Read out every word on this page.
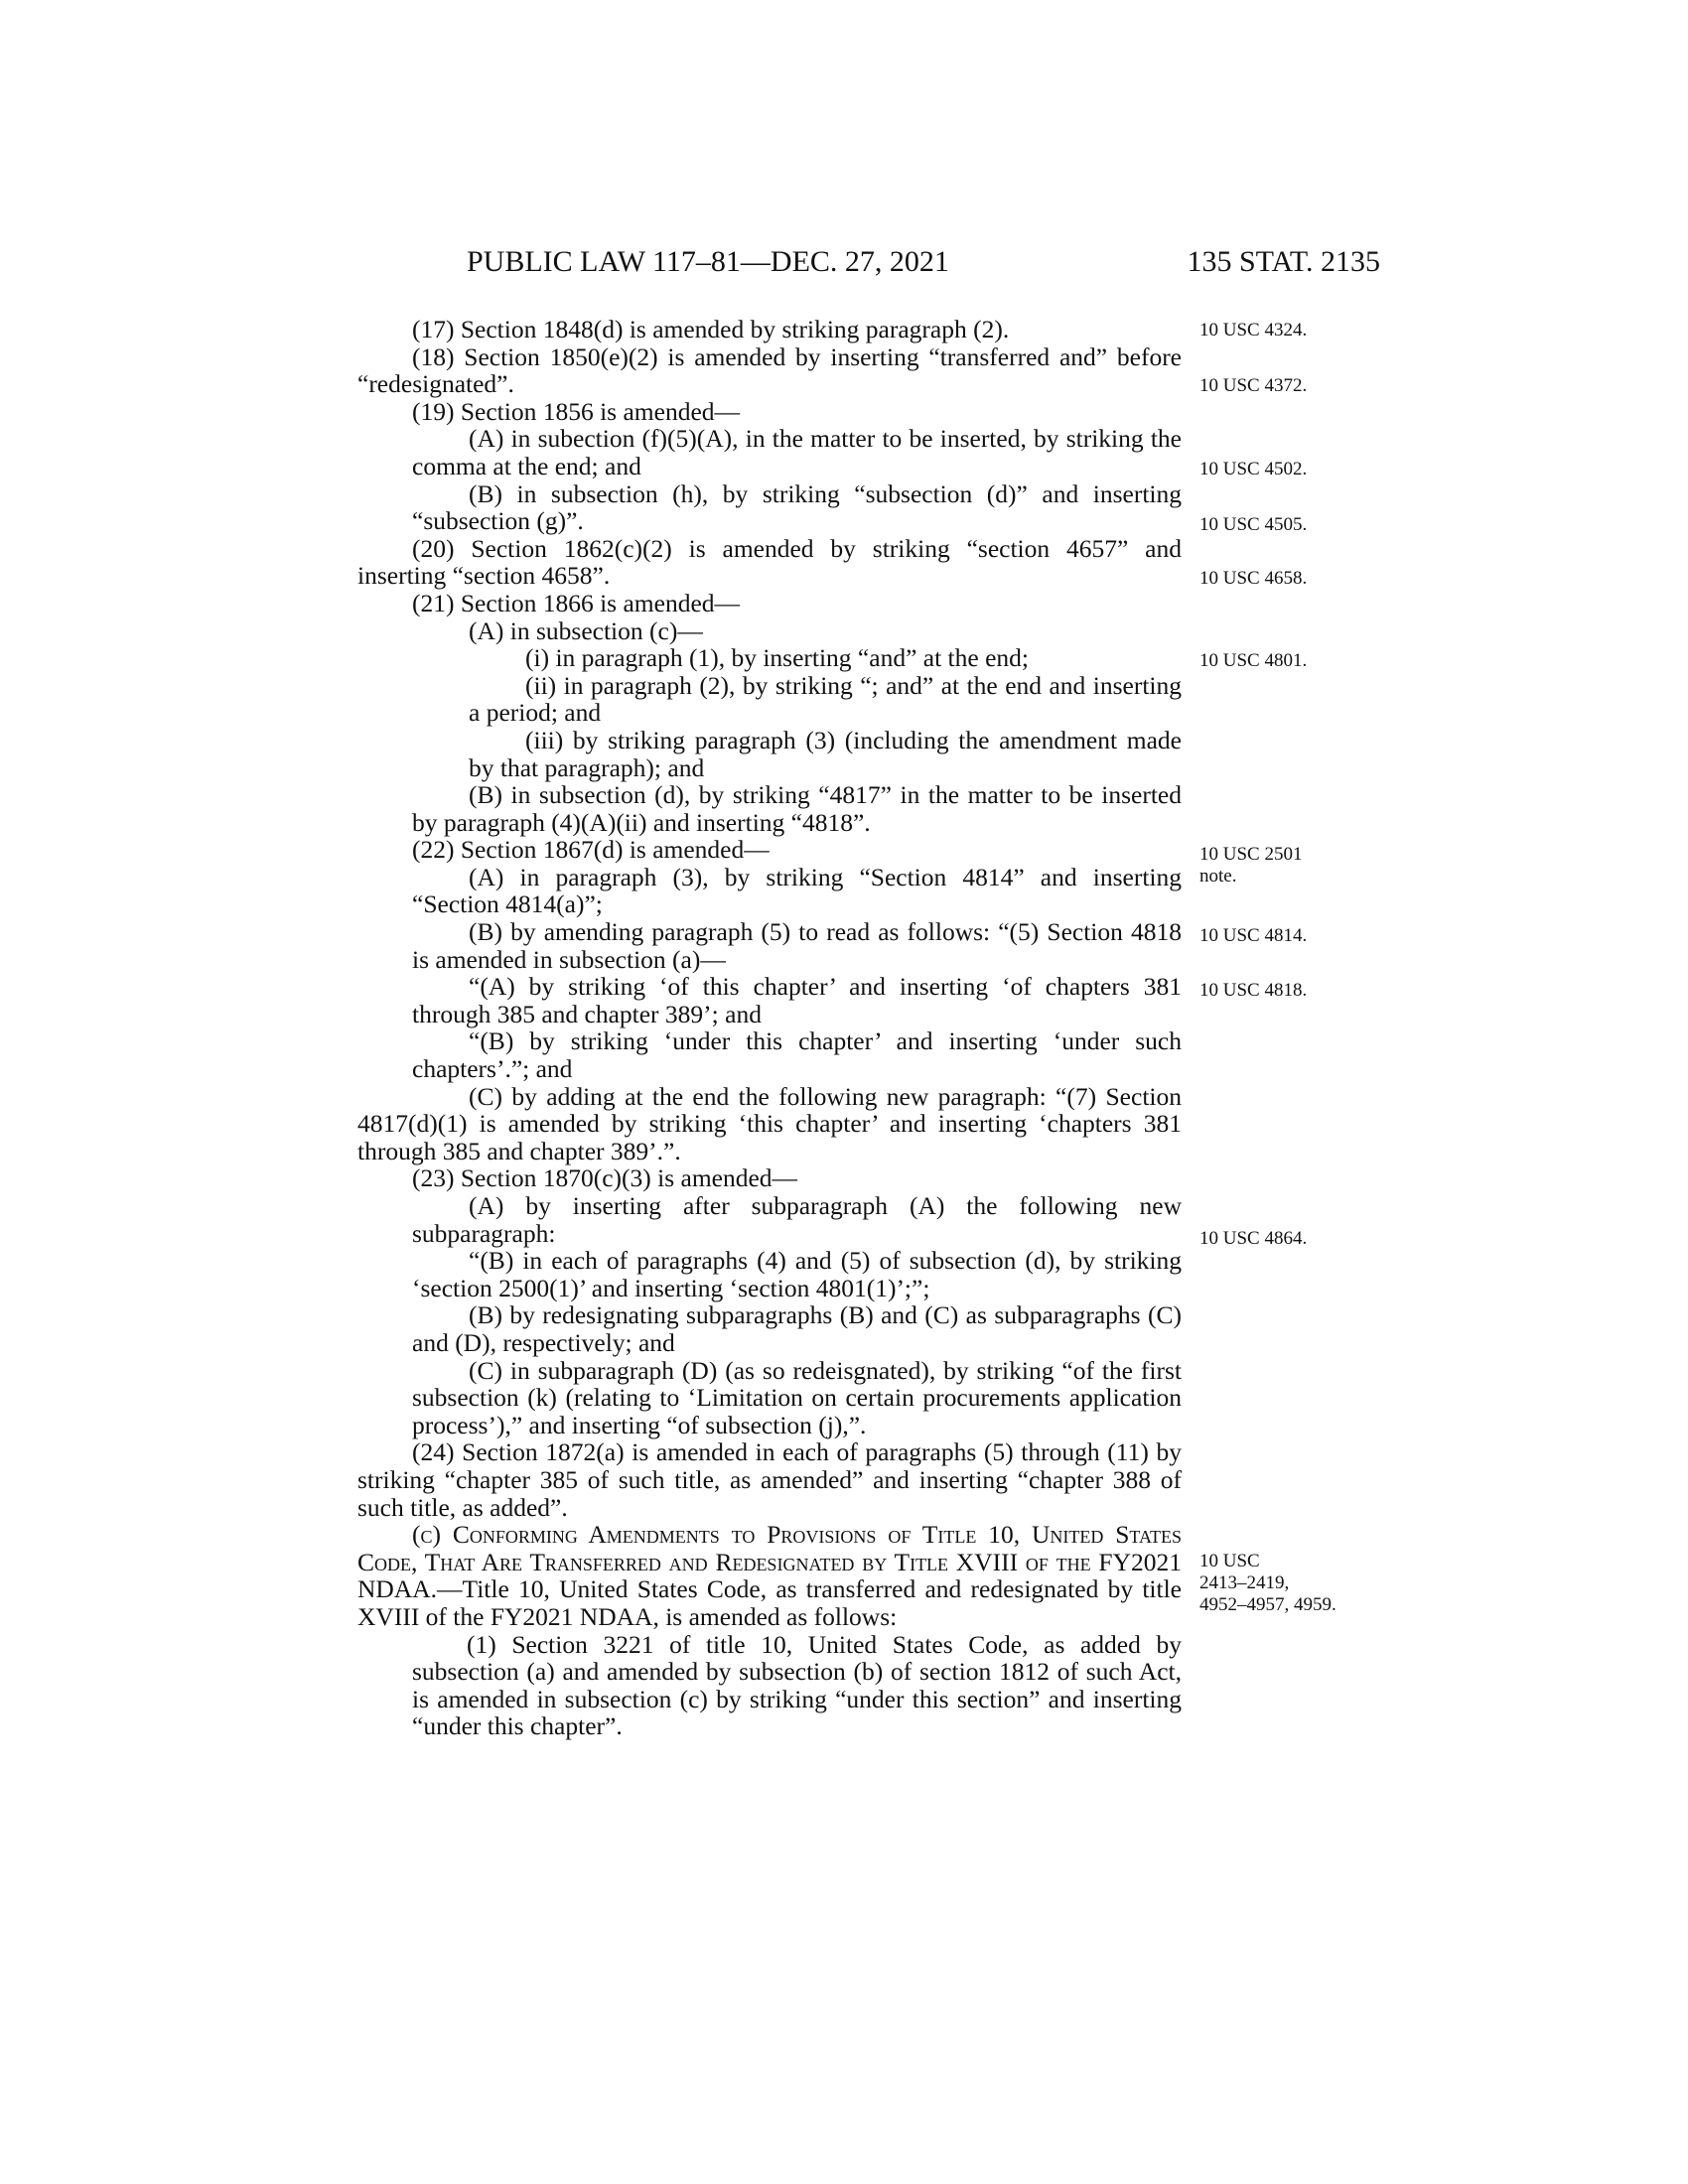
PUBLIC LAW 117–81—DEC. 27, 2021	135 STAT. 2135

(17) Section 1848(d) is amended by striking paragraph (2).

(18) Section 1850(e)(2) is amended by inserting “transferred and” before “redesignated”.

(19) Section 1856 is amended—

(A) in subection (f)(5)(A), in the matter to be inserted, by striking the comma at the end; and

(B) in subsection (h), by striking “subsection (d)” and inserting “subsection (g)”.

(20) Section 1862(c)(2) is amended by striking “section 4657” and inserting “section 4658”.

(21) Section 1866 is amended—

(A) in subsection (c)—

(i) in paragraph (1), by inserting “and” at the end;

(ii) in paragraph (2), by striking “; and” at the end and inserting a period; and

(iii) by striking paragraph (3) (including the amendment made by that paragraph); and

(B) in subsection (d), by striking “4817” in the matter to be inserted by paragraph (4)(A)(ii) and inserting “4818”.

(22) Section 1867(d) is amended—

(A) in paragraph (3), by striking “Section 4814” and inserting “Section 4814(a)”;

(B) by amending paragraph (5) to read as follows: “(5) Section 4818 is amended in subsection (a)—

“(A) by striking ‘of this chapter’ and inserting ‘of chapters 381 through 385 and chapter 389’; and

“(B) by striking ‘under this chapter’ and inserting ‘under such chapters’.”; and

(C) by adding at the end the following new paragraph: “(7) Section 4817(d)(1) is amended by striking ‘this chapter’ and inserting ‘chapters 381 through 385 and chapter 389’.”.

(23) Section 1870(c)(3) is amended—

(A) by inserting after subparagraph (A) the following new subparagraph:

“(B) in each of paragraphs (4) and (5) of subsection (d), by striking ‘section 2500(1)’ and inserting ‘section 4801(1)’;”;

(B) by redesignating subparagraphs (B) and (C) as subparagraphs (C) and (D), respectively; and

(C) in subparagraph (D) (as so redeisgnated), by striking “of the first subsection (k) (relating to ‘Limitation on certain procurements application process’),” and inserting “of subsection (j),”.

(24) Section 1872(a) is amended in each of paragraphs (5) through (11) by striking “chapter 385 of such title, as amended” and inserting “chapter 388 of such title, as added”.

(c) Conforming Amendments to Provisions of Title 10, United States Code, That Are Transferred and Redesignated by Title XVIII of the FY2021 NDAA.—Title 10, United States Code, as transferred and redesignated by title XVIII of the FY2021 NDAA, is amended as follows:

(1) Section 3221 of title 10, United States Code, as added by subsection (a) and amended by subsection (b) of section 1812 of such Act, is amended in subsection (c) by striking “under this section” and inserting “under this chapter”.

10 USC 4324.
10 USC 4372.
10 USC 4502.
10 USC 4505.
10 USC 4658.
10 USC 4801.
10 USC 2501
note.
10 USC 4814.
10 USC 4818.
10 USC 4864.
10 USC
2413–2419,
4952–4957, 4959.
